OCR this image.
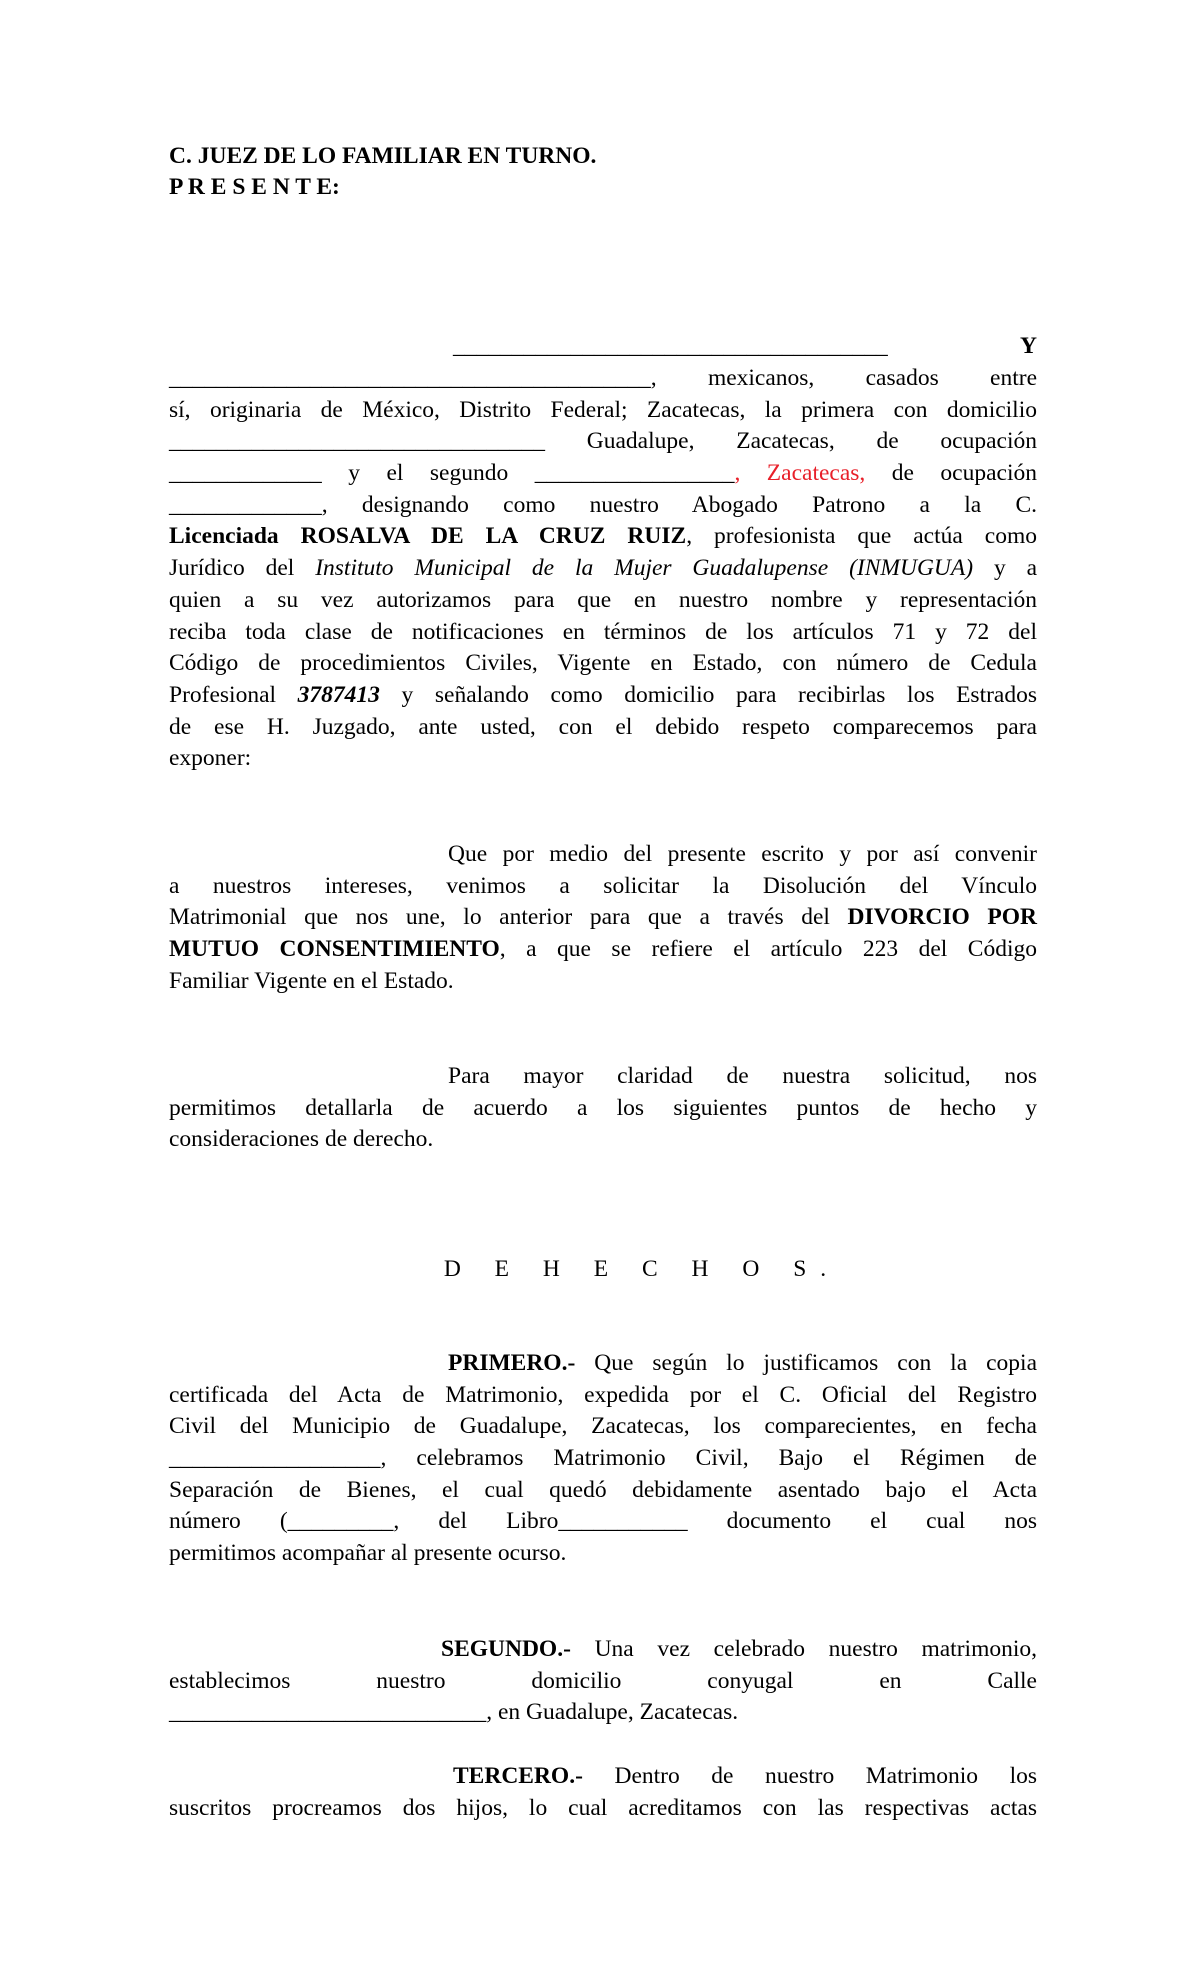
C. JUEZ DE LO FAMILIAR EN TURNO.
P R E S E N T E:
_____________________________________	Y
_________________________________________, mexicanos, casados entre
sí, originaria de México, Distrito Federal; Zacatecas, la primera con domicilio
________________________________ Guadalupe, Zacatecas, de ocupación
_____________ y el segundo _________________, Zacatecas, de ocupación
_____________, designando como nuestro Abogado Patrono a la C.
Licenciada ROSALVA DE LA CRUZ RUIZ, profesionista que actúa como
Jurídico del Instituto Municipal de la Mujer Guadalupense (INMUGUA) y a
quien a su vez autorizamos para que en nuestro nombre y representación
reciba toda clase de notificaciones en términos de los artículos 71 y 72 del
Código de procedimientos Civiles, Vigente en Estado, con número de Cedula
Profesional 3787413 y señalando como domicilio para recibirlas los Estrados
de ese H. Juzgado, ante usted, con el debido respeto comparecemos para
exponer:
Que por medio del presente escrito y por así convenir
a nuestros intereses, venimos a solicitar la Disolución del Vínculo
Matrimonial que nos une, lo anterior para que a través del DIVORCIO POR
MUTUO CONSENTIMIENTO, a que se refiere el artículo 223 del Código
Familiar Vigente en el Estado.
Para mayor claridad de nuestra solicitud, nos
permitimos detallarla de acuerdo a los siguientes puntos de hecho y
consideraciones de derecho.
D E H E C H O S.
PRIMERO.- Que según lo justificamos con la copia
certificada del Acta de Matrimonio, expedida por el C. Oficial del Registro
Civil del Municipio de Guadalupe, Zacatecas, los comparecientes, en fecha
__________________, celebramos Matrimonio Civil, Bajo el Régimen de
Separación de Bienes, el cual quedó debidamente asentado bajo el Acta
número (_________, del Libro___________ documento el cual nos
permitimos acompañar al presente ocurso.
SEGUNDO.- Una vez celebrado nuestro matrimonio,
establecimos nuestro domicilio conyugal en Calle
___________________________, en Guadalupe, Zacatecas.
TERCERO.- Dentro de nuestro Matrimonio los
suscritos procreamos dos hijos, lo cual acreditamos con las respectivas actas
